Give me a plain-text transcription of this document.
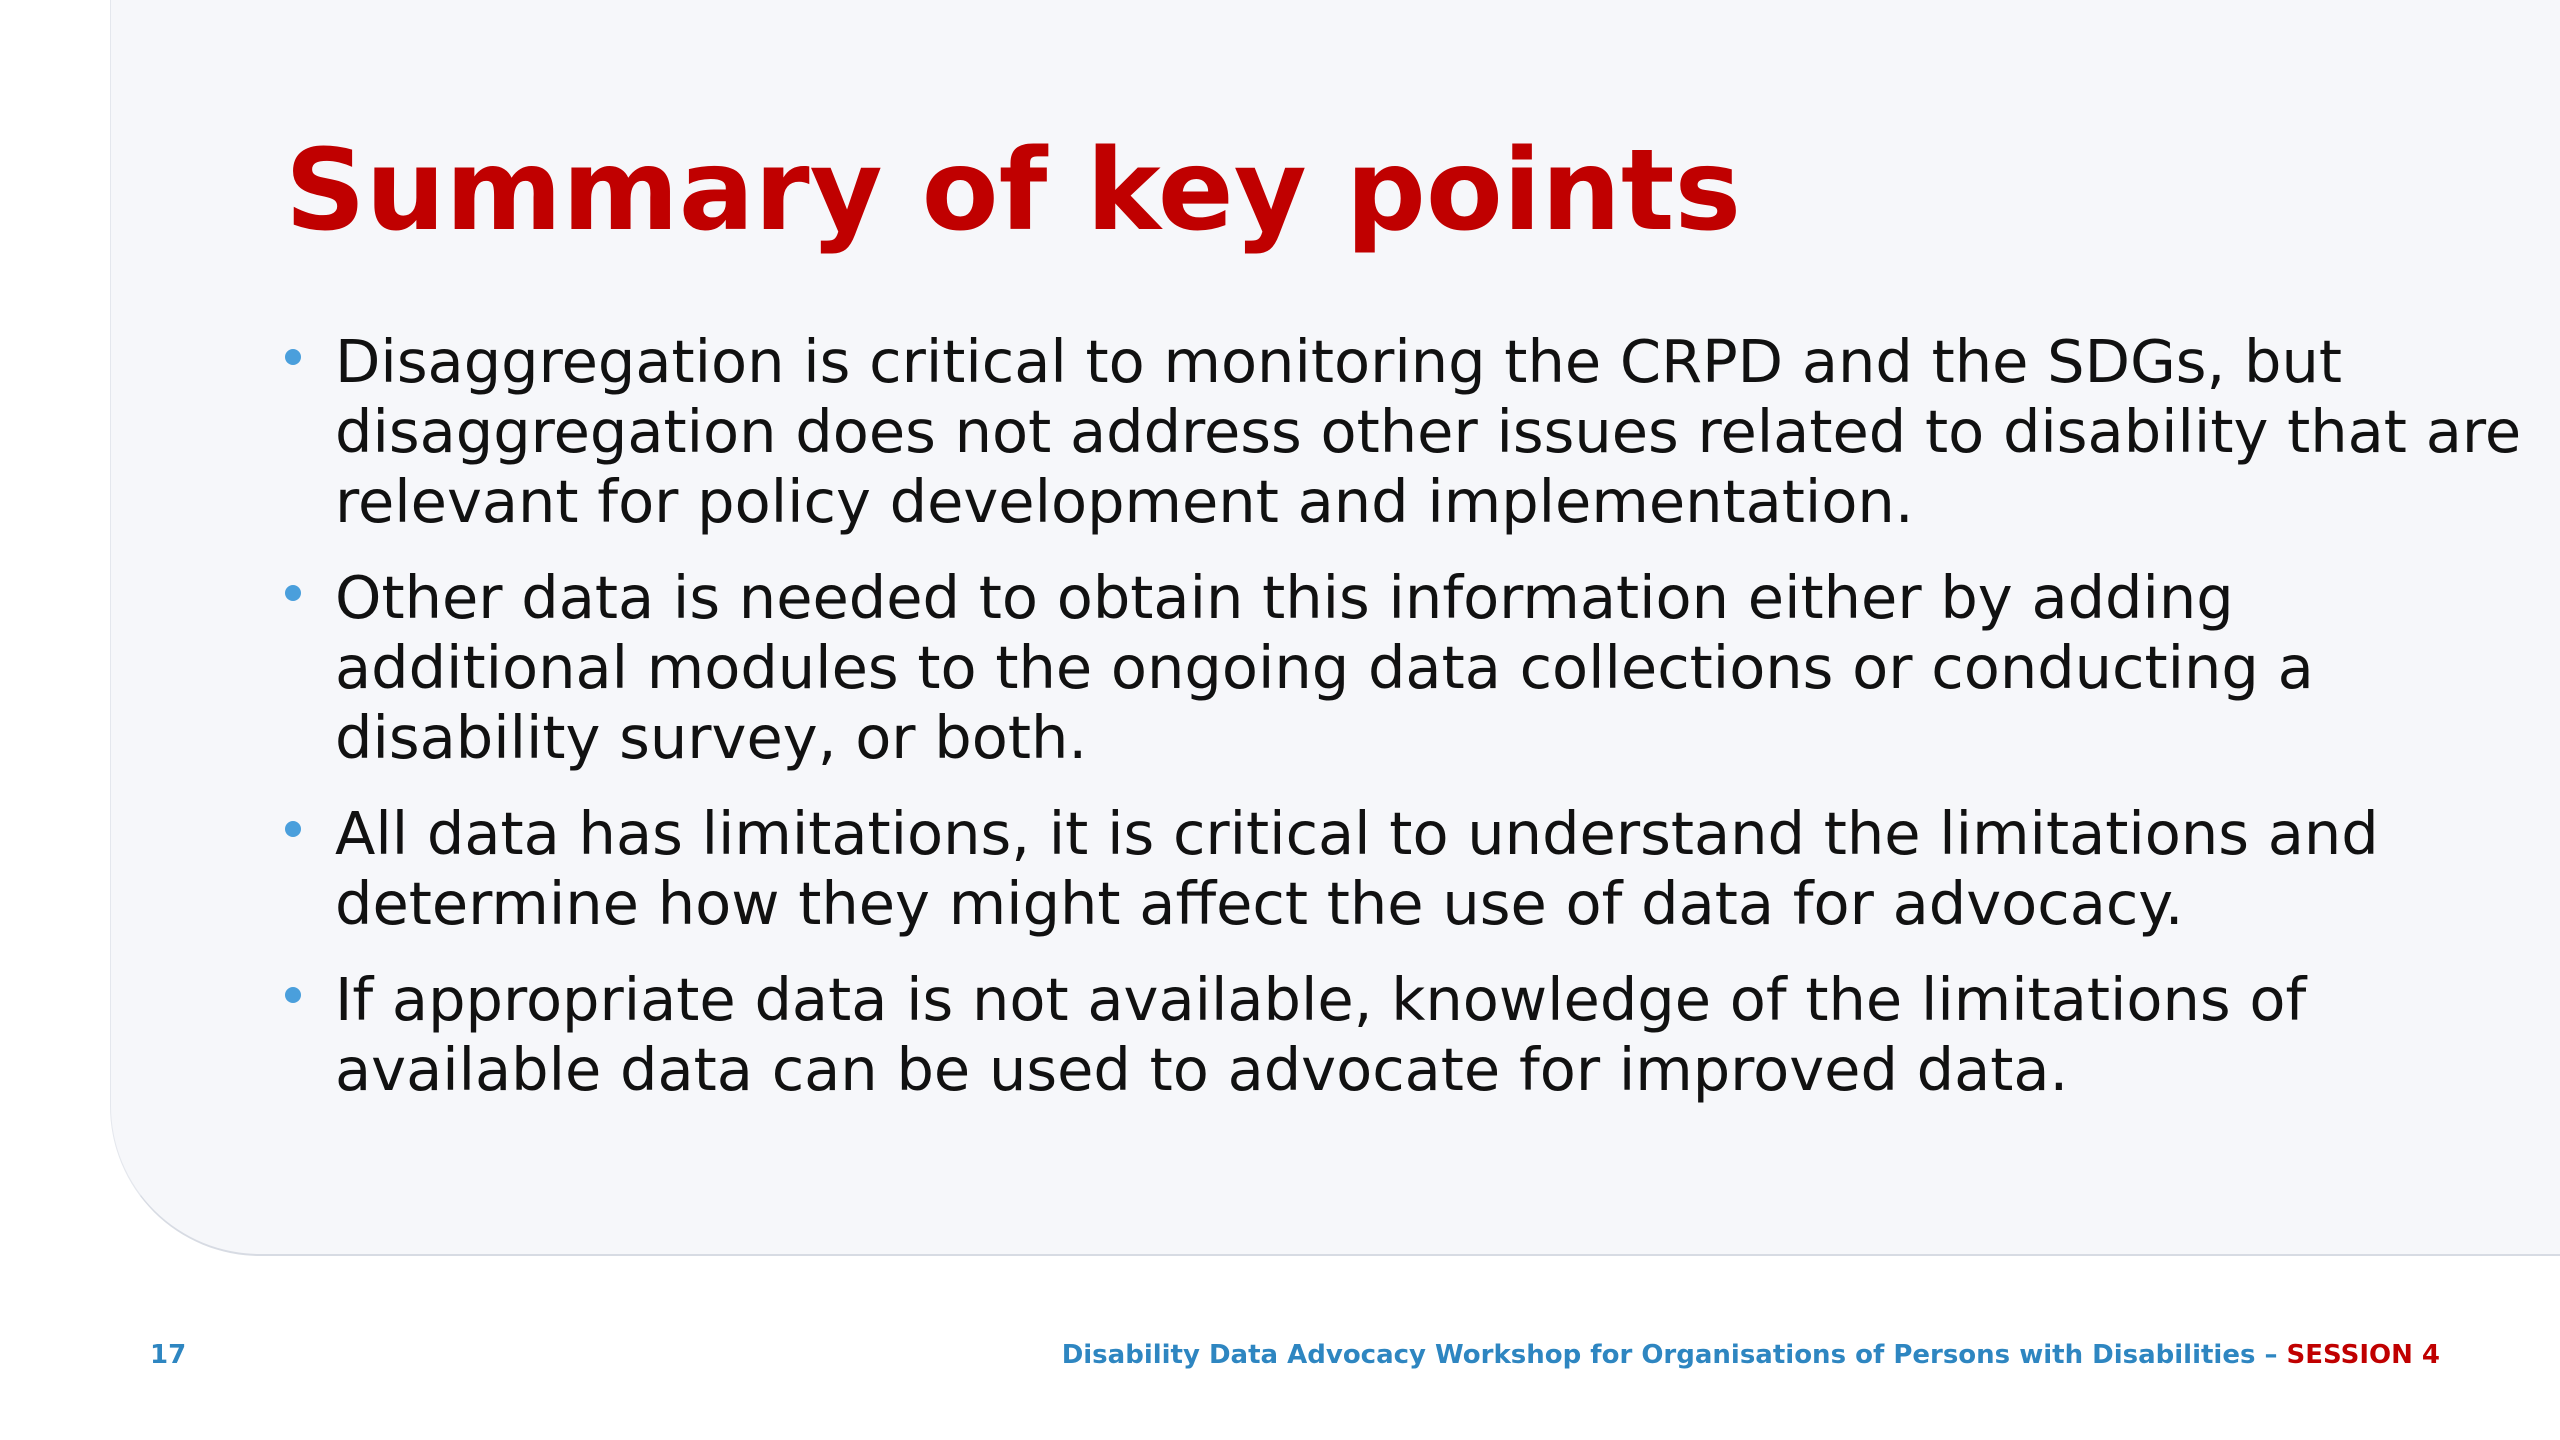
Summary of key points
Disaggregation is critical to monitoring the CRPD and the SDGs, but disaggregation does not address other issues related to disability that are relevant for policy development and implementation.
Other data is needed to obtain this information either by adding additional modules to the ongoing data collections or conducting a disability survey, or both.
All data has limitations, it is critical to understand the limitations and determine how they might affect the use of data for advocacy.
If appropriate data is not available, knowledge of the limitations of available data can be used to advocate for improved data.
17	Disability Data Advocacy Workshop for Organisations of Persons with Disabilities – SESSION 4
